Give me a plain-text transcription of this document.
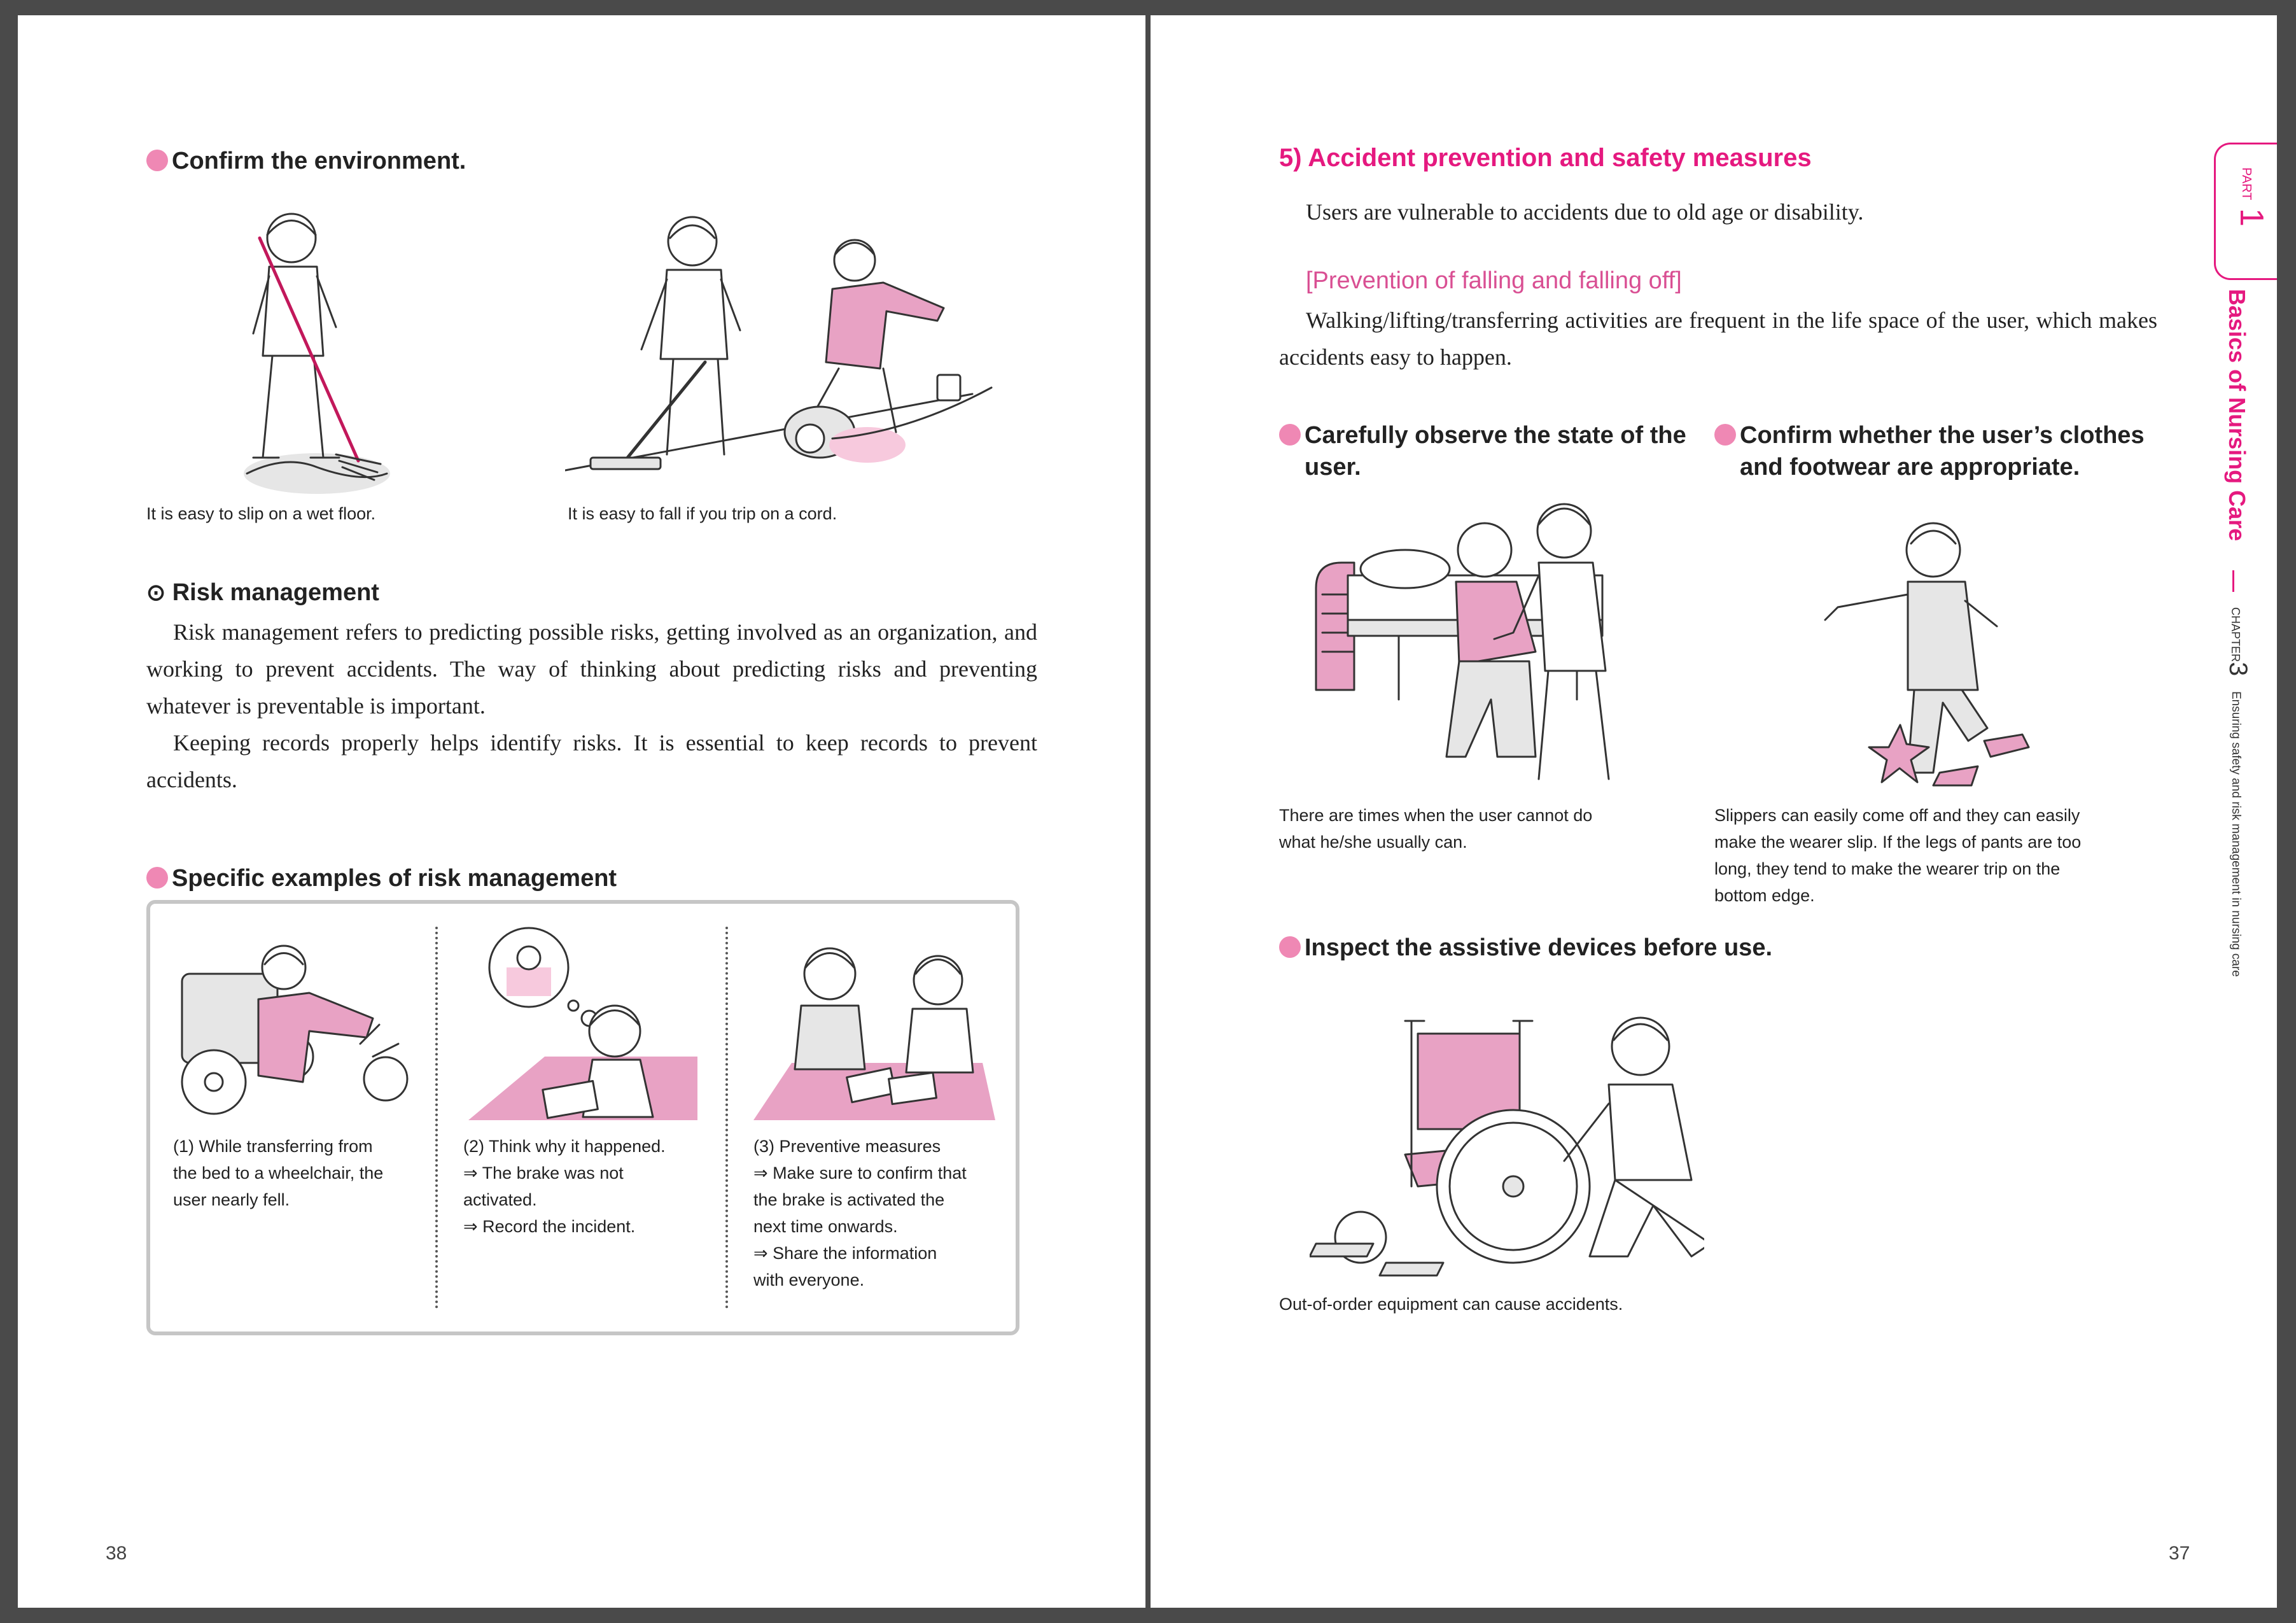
Confirm the environment.
It is easy to slip on a wet floor.	It is easy to fall if you trip on a cord.
⊙ Risk management
Risk management refers to predicting possible risks, getting involved as an organization, and working to prevent accidents. The way of thinking about predicting risks and preventing whatever is preventable is important.
Keeping records properly helps identify risks. It is essential to keep records to prevent accidents.
Specific examples of risk management
(1) While transferring from
the bed to a wheelchair, the
user nearly fell.
(2) Think why it happened.
⇒ The brake was not
activated.
⇒ Record the incident.
(3) Preventive measures
⇒ Make sure to confirm that
the brake is activated the
next time onwards.
⇒ Share the information
with everyone.
38
5) Accident prevention and safety measures
Users are vulnerable to accidents due to old age or disability.
[Prevention of falling and falling off]
Walking/lifting/transferring activities are frequent in the life space of the user, which makes accidents easy to happen.
Carefully observe the state of the
user.
Confirm whether the user’s clothes
and footwear are appropriate.
There are times when the user cannot do
what he/she usually can.
Slippers can easily come off and they can easily
make the wearer slip. If the legs of pants are too
long, they tend to make the wearer trip on the
bottom edge.
Inspect the assistive devices before use.
Out-of-order equipment can cause accidents.
37
PART
1
Basics of Nursing Care
CHAPTER
3
Ensuring safety and risk management in nursing care
